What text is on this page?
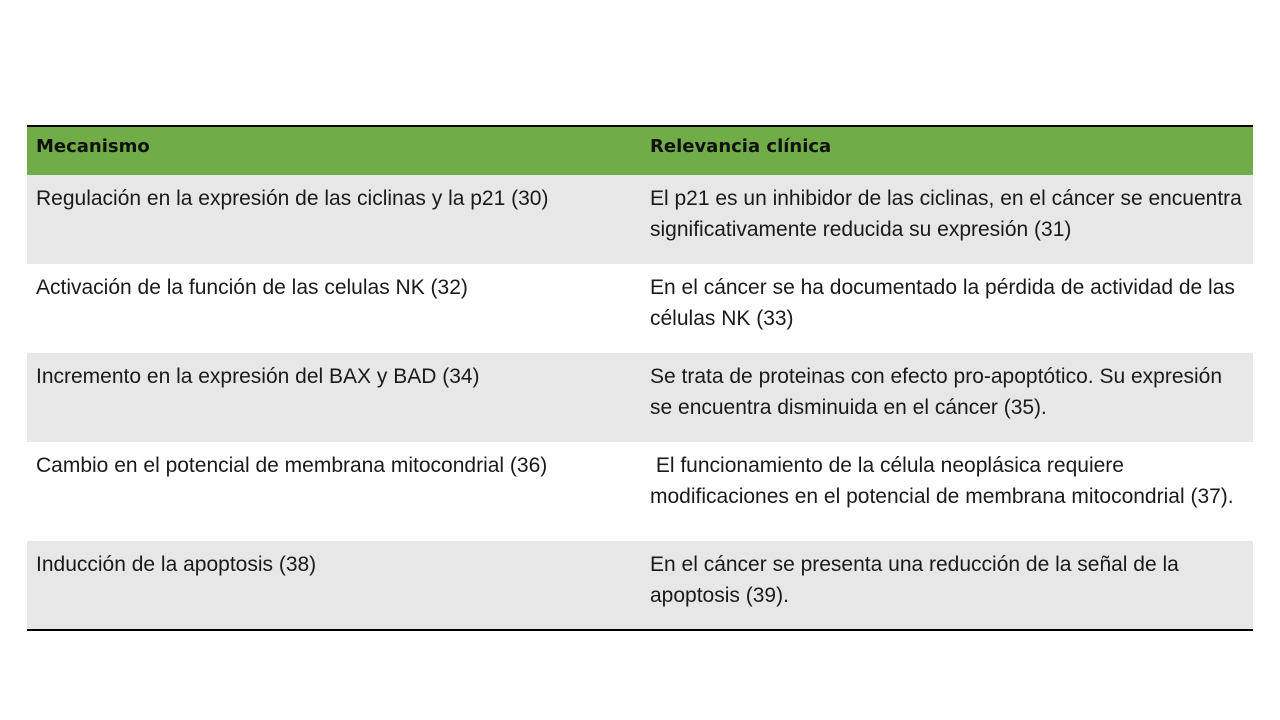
Mecanismo	Relevancia clínica
Regulación en la expresión de las ciclinas y la p21 (30)	El p21 es un inhibidor de las ciclinas, en el cáncer se encuentra significativamente reducida su expresión (31)
Activación de la función de las celulas NK (32)	En el cáncer se ha documentado la pérdida de actividad de las células NK (33)
Incremento en la expresión del BAX y BAD (34)	Se trata de proteinas con efecto pro-apoptótico. Su expresión se encuentra disminuida en el cáncer (35).
Cambio en el potencial de membrana mitocondrial (36)	El funcionamiento de la célula neoplásica requiere modificaciones en el potencial de membrana mitocondrial (37).
Inducción de la apoptosis (38)	En el cáncer se presenta una reducción de la señal de la apoptosis (39).
